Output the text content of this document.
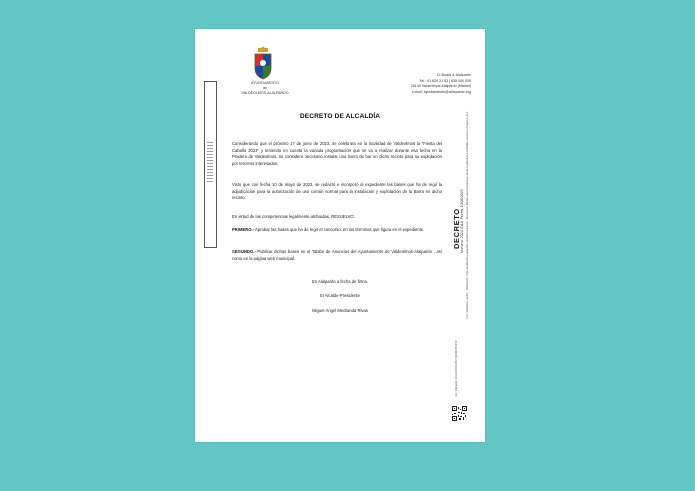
AYUNTAMIENTO
de
VALDEOLMOS-ALALPARDO
C/ Alcalá 4, Alalpardo
Tel.: 91 620 21 53 | 635 000 000
28130 Valdeolmos-Alalpardo (Madrid)
e-mail: ayuntamiento@aldepardo.org
DECRETO DE ALCALDÍA
Considerando que el próximo 17 de junio de 2023, se celebrara en la localidad de Valdeolmos la "Fiesta del Caballo 2023" y teniendo en cuenta la variada programación que se va a realizar durante esa fecha en la Pradera de Valdeolmos, se considera necesario instalar una barra de bar en dicho recinto para su explotación por terceros interesados.
Visto que con fecha 10 de mayo de 2023, se redactó e incorporó al expediente las bases que ha de regir la adjudicación para la autorización de uso común normal para la instalación y explotación de la Barra en dicho recinto.
En virtud de las competencias legalmente atribuidas, RESUELVO:
PRIMERO.- Aprobar las bases que ha de regir el concurso, en los términos que figura en el expediente.
SEGUNDO.- Publicar dichas bases en el Tablón de Anuncios del Ayuntamiento de Valdeolmos-Alalpardo , así como en la página web municipal.
En Alalpardo a fecha de firma.
El Alcalde-Presidente
Miguel Ángel Medranda Rivas
DECRETO Número: 2023-0118  Fecha: 10/05/2023 Cod. Validación: ACEX · Verificación: https://valdeolmos-alalpardo.sedelectronica.es/ · Documento firmado electrónicamente desde la plataforma esPublico Gestiona | Página 1 de 1
Cód. Validación: ACEXJ44R7FA5CYQXRWF3T3RY9
